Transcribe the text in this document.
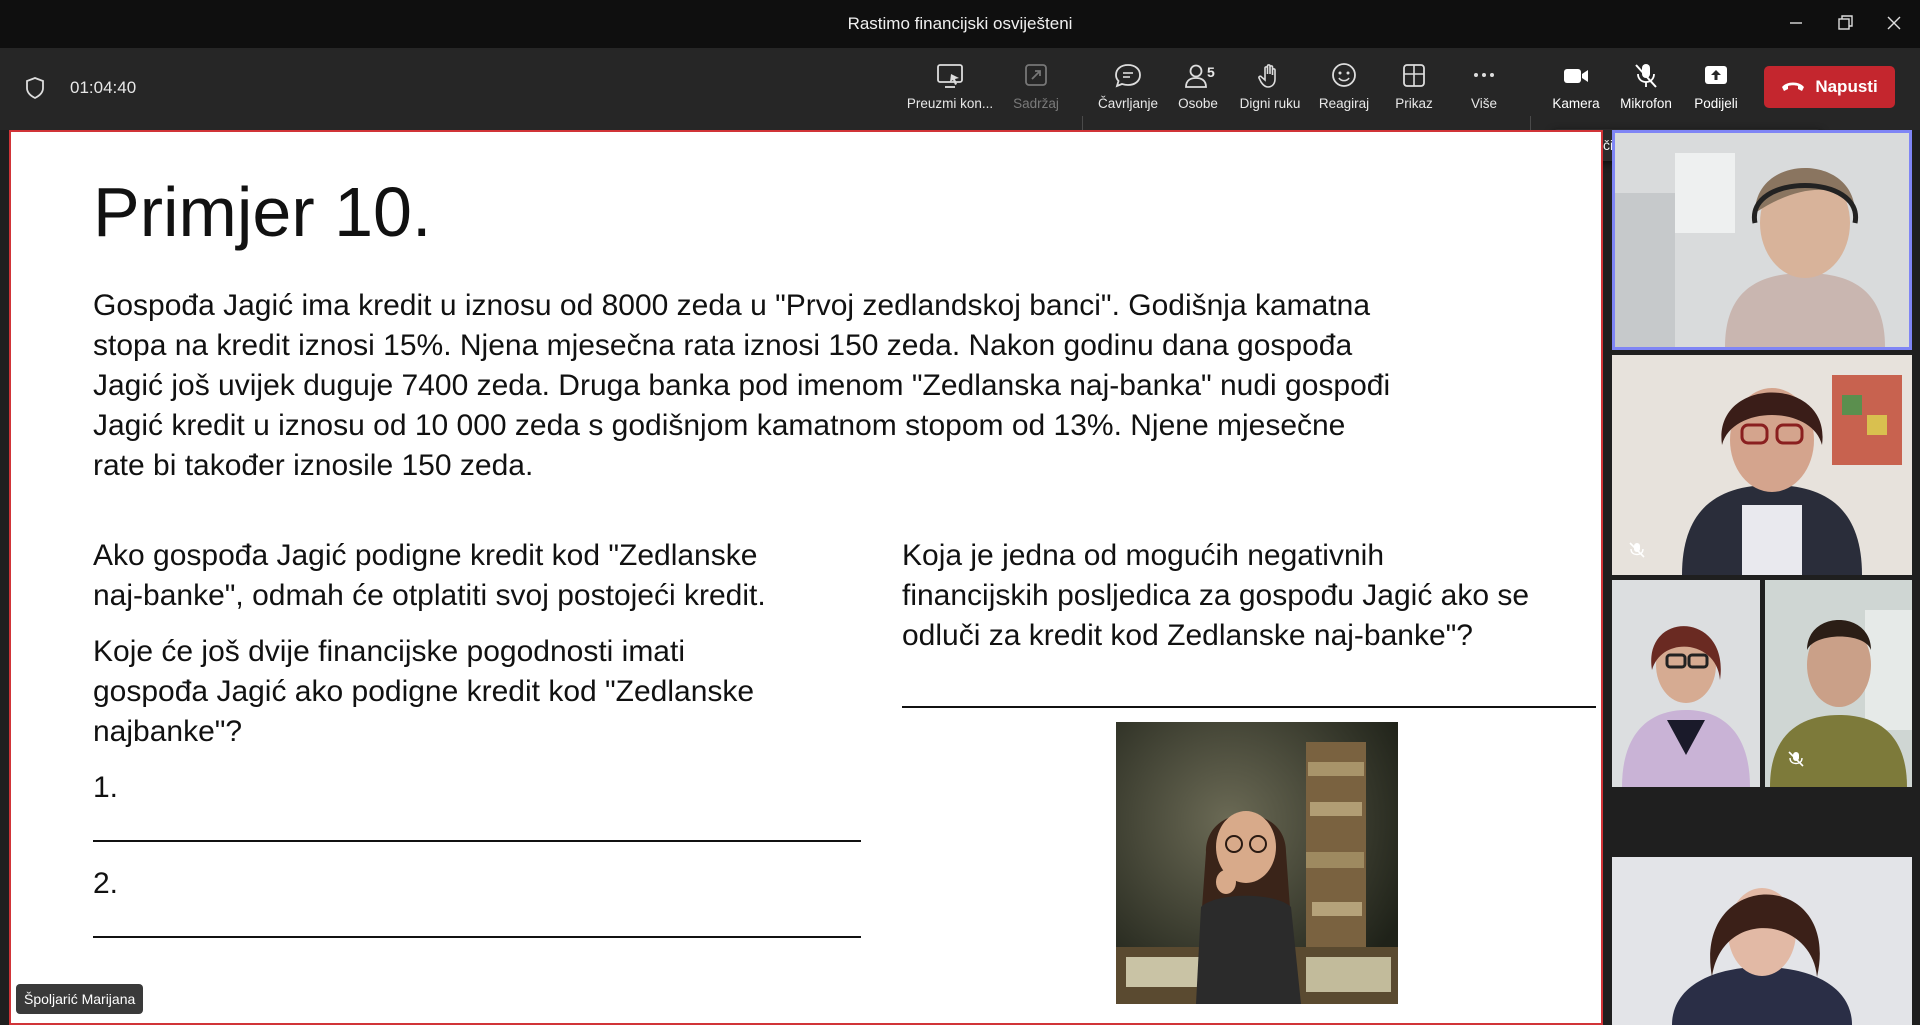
Rastimo financijski osviješteni
01:04:40
Preuzmi kon...	Sadržaj	Čavrljanje
5
Osobe	Digni ruku	Reagiraj	Prikaz	Više	Kamera	Mikrofon	Podijeli
Napusti
Isključivanje
Primjer 10.
Gospođa Jagić ima kredit u iznosu od 8000 zeda u "Prvoj zedlandskoj banci". Godišnja kamatna
stopa na kredit iznosi 15%. Njena mjesečna rata iznosi 150 zeda. Nakon godinu dana gospođa
Jagić još uvijek duguje 7400 zeda. Druga banka pod imenom "Zedlanska naj-banka" nudi gospođi
Jagić kredit u iznosu od 10 000 zeda s godišnjom kamatnom stopom od 13%. Njene mjesečne
rate bi također iznosile 150 zeda.
Ako gospođa Jagić podigne kredit kod "Zedlanske
naj-banke", odmah će otplatiti svoj postojeći kredit.
Koje će još dvije financijske pogodnosti imati
gospođa Jagić ako podigne kredit kod "Zedlanske
najbanke"?
1.
2.
Koja je jedna od mogućih negativnih
financijskih posljedica za gospođu Jagić ako se
odluči za kredit kod Zedlanske naj-banke"?
Špoljarić Marijana
